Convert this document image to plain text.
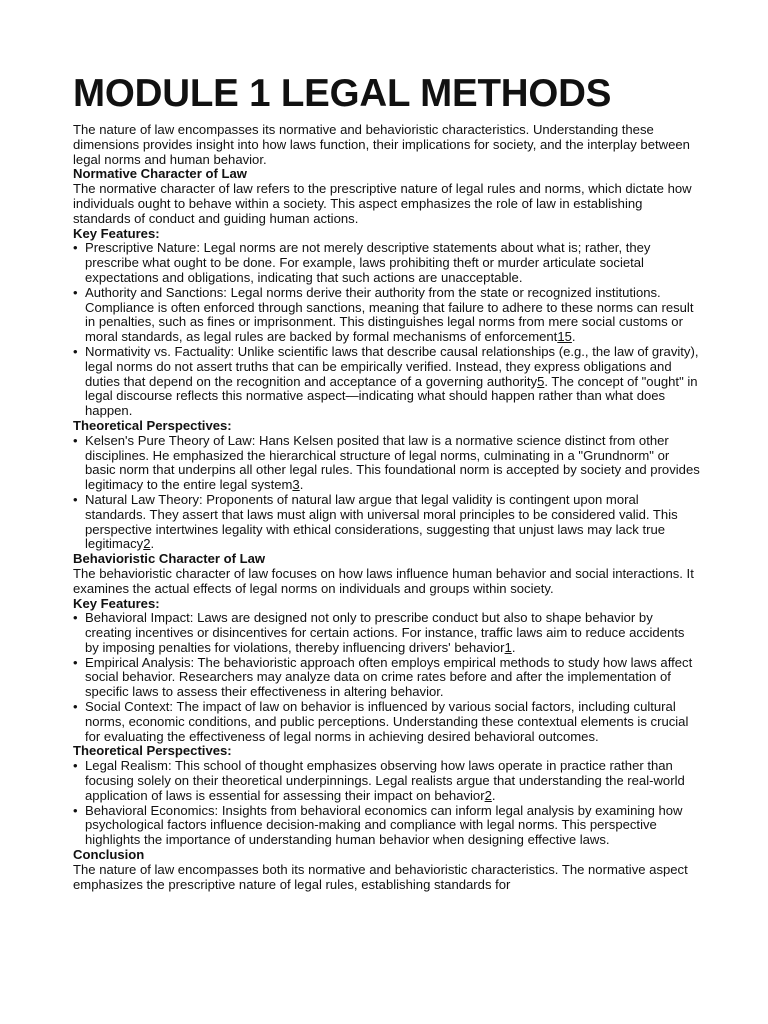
MODULE 1 LEGAL METHODS

The nature of law encompasses its normative and behavioristic characteristics. Understanding these dimensions provides insight into how laws function, their implications for society, and the interplay between legal norms and human behavior.

Normative Character of Law

The normative character of law refers to the prescriptive nature of legal rules and norms, which dictate how individuals ought to behave within a society. This aspect emphasizes the role of law in establishing standards of conduct and guiding human actions.

Key Features:
• Prescriptive Nature: Legal norms are not merely descriptive statements about what is; rather, they prescribe what ought to be done. For example, laws prohibiting theft or murder articulate societal expectations and obligations, indicating that such actions are unacceptable.
• Authority and Sanctions: Legal norms derive their authority from the state or recognized institutions. Compliance is often enforced through sanctions, meaning that failure to adhere to these norms can result in penalties, such as fines or imprisonment. This distinguishes legal norms from mere social customs or moral standards, as legal rules are backed by formal mechanisms of enforcement15.
• Normativity vs. Factuality: Unlike scientific laws that describe causal relationships (e.g., the law of gravity), legal norms do not assert truths that can be empirically verified. Instead, they express obligations and duties that depend on the recognition and acceptance of a governing authority5. The concept of "ought" in legal discourse reflects this normative aspect—indicating what should happen rather than what does happen.
Theoretical Perspectives:
• Kelsen's Pure Theory of Law: Hans Kelsen posited that law is a normative science distinct from other disciplines. He emphasized the hierarchical structure of legal norms, culminating in a "Grundnorm" or basic norm that underpins all other legal rules. This foundational norm is accepted by society and provides legitimacy to the entire legal system3.
• Natural Law Theory: Proponents of natural law argue that legal validity is contingent upon moral standards. They assert that laws must align with universal moral principles to be considered valid. This perspective intertwines legality with ethical considerations, suggesting that unjust laws may lack true legitimacy2.
Behavioristic Character of Law

The behavioristic character of law focuses on how laws influence human behavior and social interactions. It examines the actual effects of legal norms on individuals and groups within society.

Key Features:
• Behavioral Impact: Laws are designed not only to prescribe conduct but also to shape behavior by creating incentives or disincentives for certain actions. For instance, traffic laws aim to reduce accidents by imposing penalties for violations, thereby influencing drivers' behavior1.
• Empirical Analysis: The behavioristic approach often employs empirical methods to study how laws affect social behavior. Researchers may analyze data on crime rates before and after the implementation of specific laws to assess their effectiveness in altering behavior.
• Social Context: The impact of law on behavior is influenced by various social factors, including cultural norms, economic conditions, and public perceptions. Understanding these contextual elements is crucial for evaluating the effectiveness of legal norms in achieving desired behavioral outcomes.
Theoretical Perspectives:
• Legal Realism: This school of thought emphasizes observing how laws operate in practice rather than focusing solely on their theoretical underpinnings. Legal realists argue that understanding the real-world application of laws is essential for assessing their impact on behavior2.
• Behavioral Economics: Insights from behavioral economics can inform legal analysis by examining how psychological factors influence decision-making and compliance with legal norms. This perspective highlights the importance of understanding human behavior when designing effective laws.
Conclusion

The nature of law encompasses both its normative and behavioristic characteristics. The normative aspect emphasizes the prescriptive nature of legal rules, establishing standards for
